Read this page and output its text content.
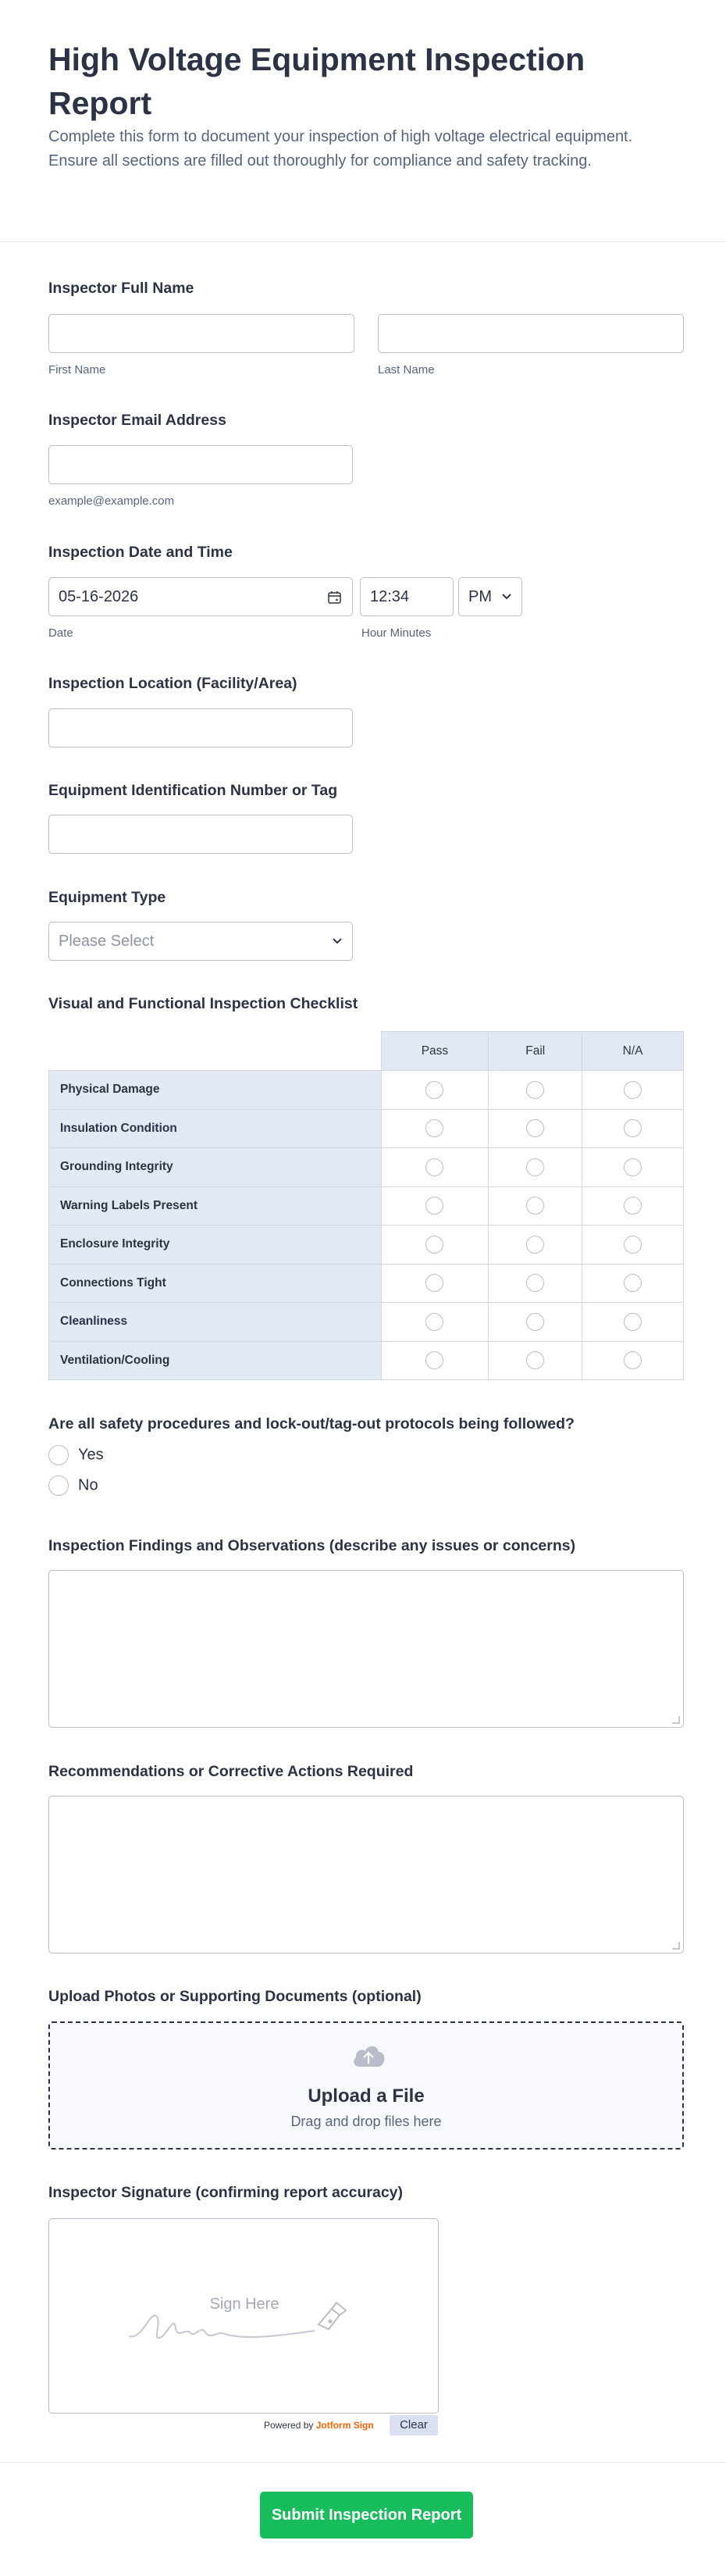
High Voltage Equipment Inspection Report

Complete this form to document your inspection of high voltage electrical equipment. Ensure all sections are filled out thoroughly for compliance and safety tracking.

Inspector Full Name
First Name	Last Name
Inspector Email Address
example@example.com
Inspection Date and Time
05-16-2026	12:34	PM
Date	Hour Minutes
Inspection Location (Facility/Area)
Equipment Identification Number or Tag
Equipment Type
Please Select
Visual and Functional Inspection Checklist
	Pass	Fail	N/A
Physical Damage			
Insulation Condition			
Grounding Integrity			
Warning Labels Present			
Enclosure Integrity			
Connections Tight			
Cleanliness			
Ventilation/Cooling			
Are all safety procedures and lock-out/tag-out protocols being followed?
Yes
No
Inspection Findings and Observations (describe any issues or concerns)
Recommendations or Corrective Actions Required
Upload Photos or Supporting Documents (optional)
Upload a File
Drag and drop files here
Inspector Signature (confirming report accuracy)
Sign Here
Powered by Jotform Sign	Clear
Submit Inspection Report
